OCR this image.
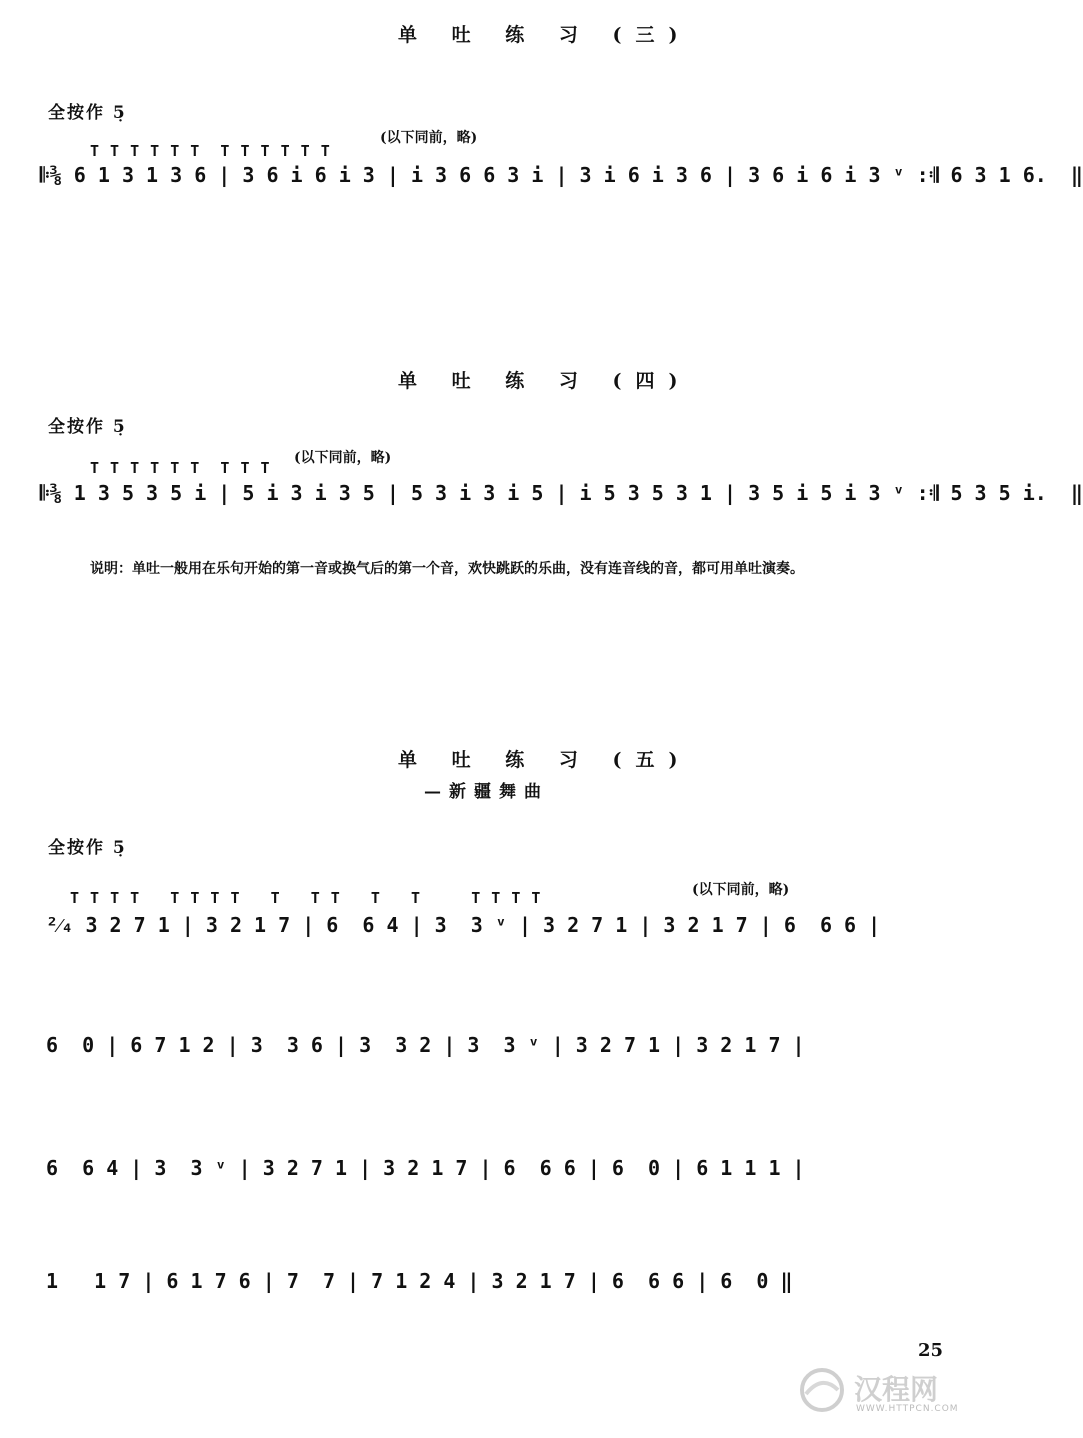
单 吐 练 习 (三)
全按作 5̣
(以下同前，略)
T T T T T T  T T T T T T
𝄆⅜ 6 1 3 1 3 6 | 3 6 i 6 i 3 | i 3 6 6 3 i | 3 i 6 i 3 6 | 3 6 i 6 i 3 ᵛ :𝄇 6 3 1 6.  ‖
单 吐 练 习 (四)
全按作 5̣
(以下同前，略)
T T T T T T  T T T
𝄆⅜ 1 3 5 3 5 i | 5 i 3 i 3 5 | 5 3 i 3 i 5 | i 5 3 5 3 1 | 3 5 i 5 i 3 ᵛ :𝄇 5 3 5 i.  ‖
说明：单吐一般用在乐句开始的第一音或换气后的第一个音，欢快跳跃的乐曲，没有连音线的音，都可用单吐演奏。
单 吐 练 习 (五)
—新疆舞曲
全按作 5̣
(以下同前，略)
T T T T   T T T T   T   T T   T   T     T T T T
²⁄₄ 3 2 7 1 | 3 2 1 7 | 6  6 4 | 3  3 ᵛ | 3 2 7 1 | 3 2 1 7 | 6  6 6 |
6  0 | 6 7 1 2 | 3  3 6 | 3  3 2 | 3  3 ᵛ | 3 2 7 1 | 3 2 1 7 |
6  6 4 | 3  3 ᵛ | 3 2 7 1 | 3 2 1 7 | 6  6 6 | 6  0 | 6 1 1 1 |
1   1 7 | 6 1 7 6 | 7  7 | 7 1 2 4 | 3 2 1 7 | 6  6 6 | 6  0 ‖
25
汉程网
WWW.HTTPCN.COM
